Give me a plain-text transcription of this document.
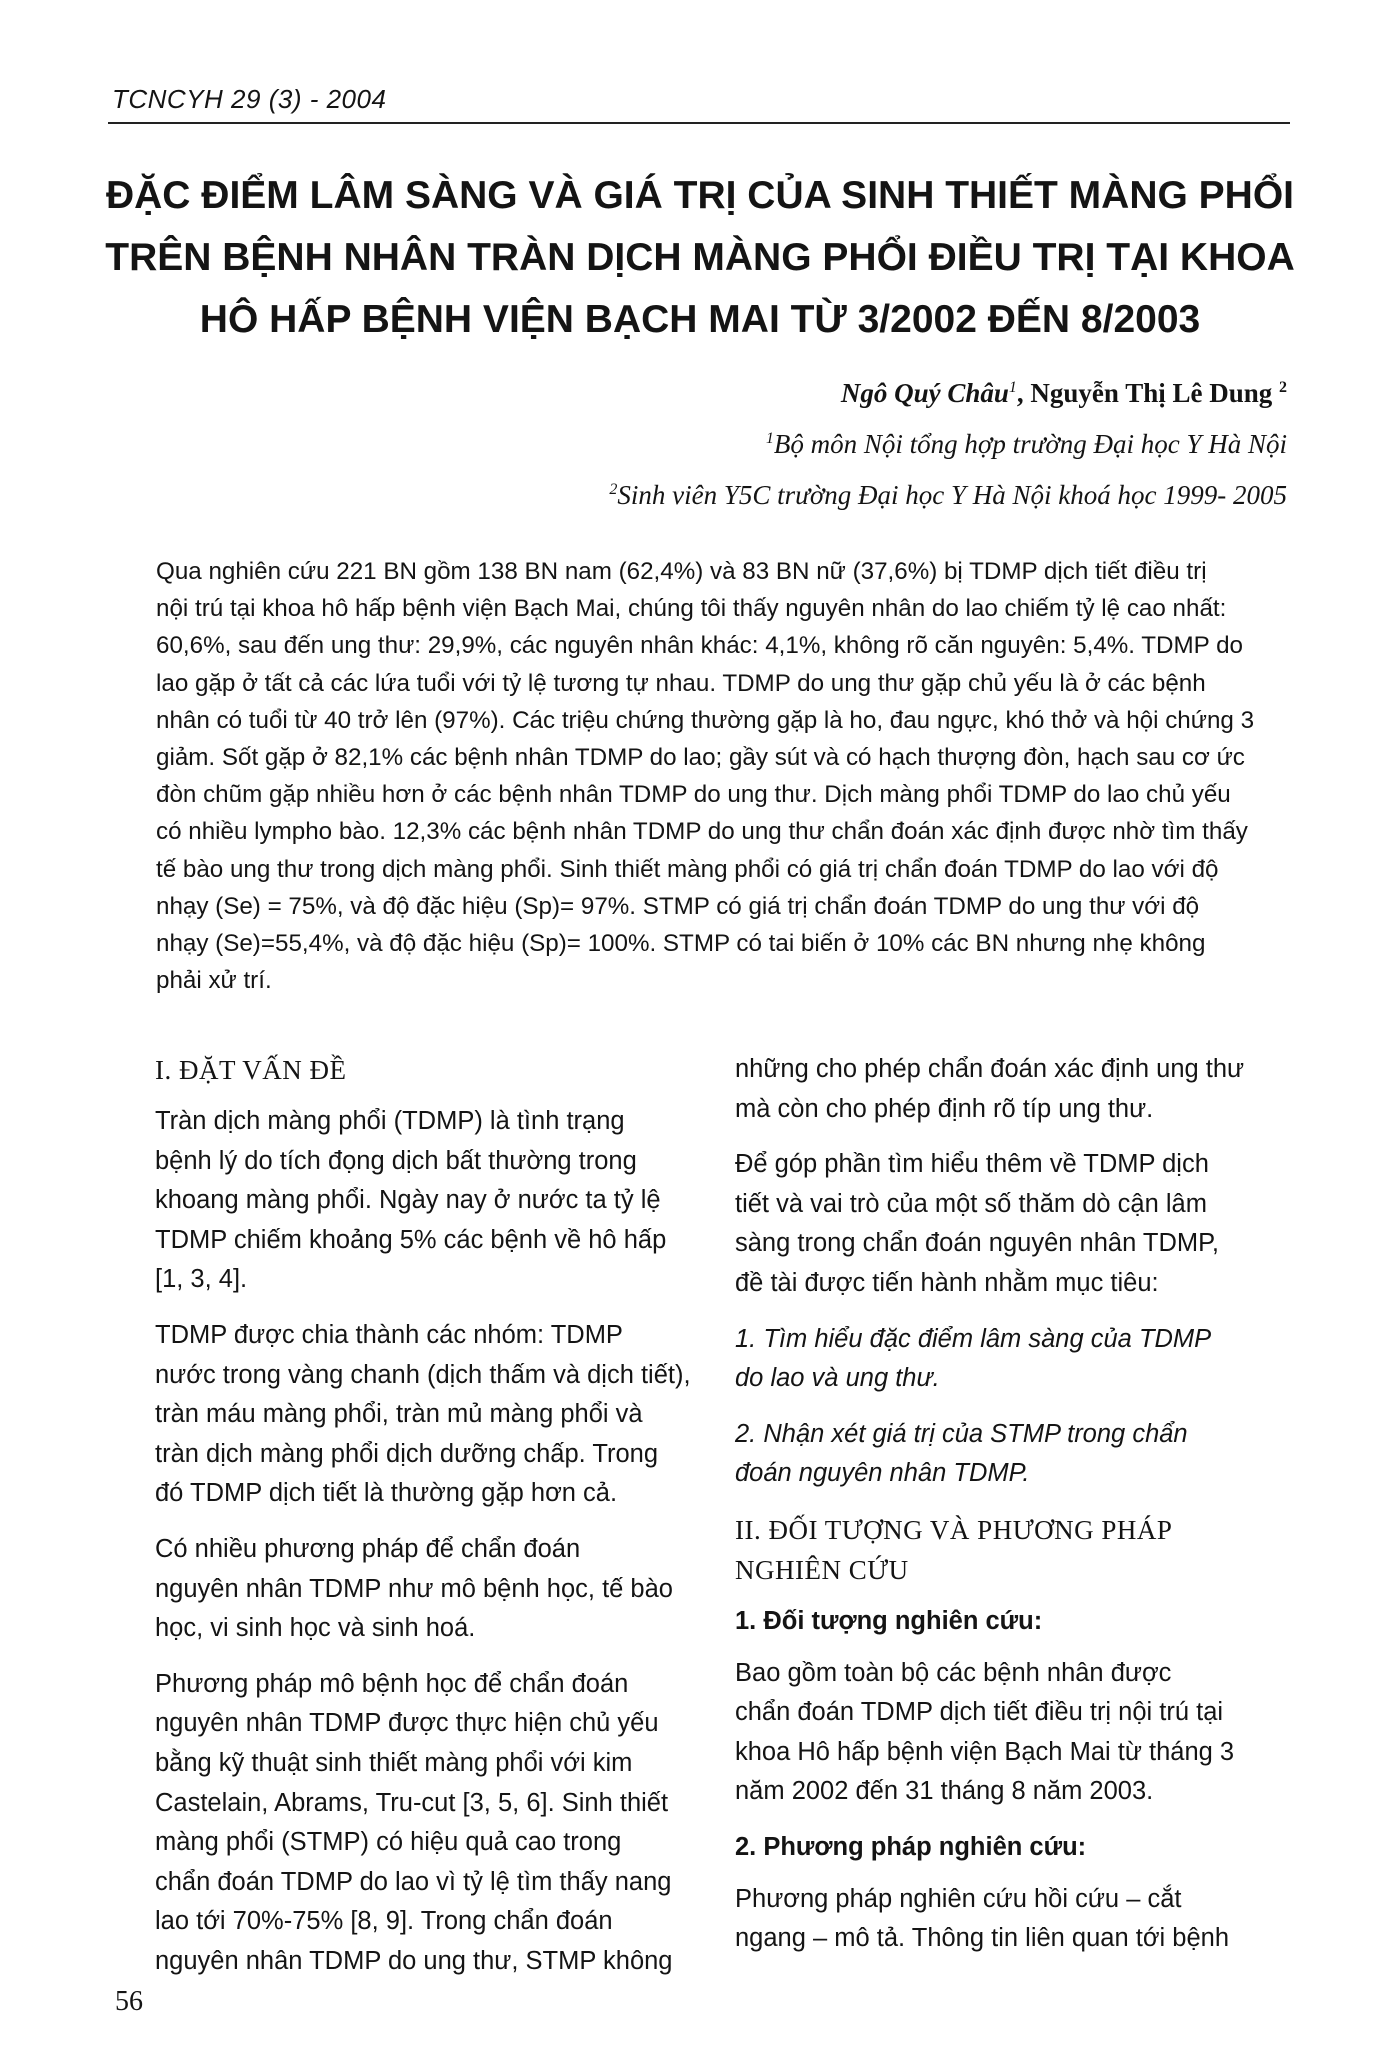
TCNCYH 29 (3) - 2004
ĐẶC ĐIỂM LÂM SÀNG VÀ GIÁ TRỊ CỦA SINH THIẾT MÀNG PHỔI
TRÊN BỆNH NHÂN TRÀN DỊCH MÀNG PHỔI ĐIỀU TRỊ TẠI KHOA
HÔ HẤP BỆNH VIỆN BẠCH MAI TỪ 3/2002 ĐẾN 8/2003
Ngô Quý Châu$^1$, Nguyễn Thị Lê Dung $^2$
$^1$Bộ môn Nội tổng hợp trường Đại học Y Hà Nội
$^2$Sinh viên Y5C trường Đại học Y Hà Nội khoá học 1999- 2005
Qua nghiên cứu 221 BN gồm 138 BN nam (62,4%) và 83 BN nữ (37,6%) bị TDMP dịch tiết điều trị
nội trú tại khoa hô hấp bệnh viện Bạch Mai, chúng tôi thấy nguyên nhân do lao chiếm tỷ lệ cao nhất:
60,6%, sau đến ung thư: 29,9%, các nguyên nhân khác: 4,1%, không rõ căn nguyên: 5,4%. TDMP do
lao gặp ở tất cả các lứa tuổi với tỷ lệ tương tự nhau. TDMP do ung thư gặp chủ yếu là ở các bệnh
nhân có tuổi từ 40 trở lên (97%). Các triệu chứng thường gặp là ho, đau ngực, khó thở và hội chứng 3
giảm. Sốt gặp ở 82,1% các bệnh nhân TDMP do lao; gầy sút và có hạch thượng đòn, hạch sau cơ ức
đòn chũm gặp nhiều hơn ở các bệnh nhân TDMP do ung thư. Dịch màng phổi TDMP do lao chủ yếu
có nhiều lympho bào. 12,3% các bệnh nhân TDMP do ung thư chẩn đoán xác định được nhờ tìm thấy
tế bào ung thư trong dịch màng phổi. Sinh thiết màng phổi có giá trị chẩn đoán TDMP do lao với độ
nhạy (Se) = 75%, và độ đặc hiệu (Sp)= 97%. STMP có giá trị chẩn đoán TDMP do ung thư với độ
nhạy (Se)=55,4%, và độ đặc hiệu (Sp)= 100%. STMP có tai biến ở 10% các BN nhưng nhẹ không
phải xử trí.
I. ĐẶT VẤN ĐỀ
Tràn dịch màng phổi (TDMP) là tình trạng
bệnh lý do tích đọng dịch bất thường trong
khoang màng phổi. Ngày nay ở nước ta tỷ lệ
TDMP chiếm khoảng 5% các bệnh về hô hấp
[1, 3, 4].
TDMP được chia thành các nhóm: TDMP
nước trong vàng chanh (dịch thấm và dịch tiết),
tràn máu màng phổi, tràn mủ màng phổi và
tràn dịch màng phổi dịch dưỡng chấp. Trong
đó TDMP dịch tiết là thường gặp hơn cả.
Có nhiều phương pháp để chẩn đoán
nguyên nhân TDMP như mô bệnh học, tế bào
học, vi sinh học và sinh hoá.
Phương pháp mô bệnh học để chẩn đoán
nguyên nhân TDMP được thực hiện chủ yếu
bằng kỹ thuật sinh thiết màng phổi với kim
Castelain, Abrams, Tru-cut [3, 5, 6]. Sinh thiết
màng phổi (STMP) có hiệu quả cao trong
chẩn đoán TDMP do lao vì tỷ lệ tìm thấy nang
lao tới 70%-75% [8, 9]. Trong chẩn đoán
nguyên nhân TDMP do ung thư, STMP không
những cho phép chẩn đoán xác định ung thư
mà còn cho phép định rõ típ ung thư.
Để góp phần tìm hiểu thêm về TDMP dịch
tiết và vai trò của một số thăm dò cận lâm
sàng trong chẩn đoán nguyên nhân TDMP,
đề tài được tiến hành nhằm mục tiêu:
1. Tìm hiểu đặc điểm lâm sàng của TDMP
do lao và ung thư.
2. Nhận xét giá trị của STMP trong chẩn
đoán nguyên nhân TDMP.
II. ĐỐI TƯỢNG VÀ PHƯƠNG PHÁP
NGHIÊN CỨU
1. Đối tượng nghiên cứu:
Bao gồm toàn bộ các bệnh nhân được
chẩn đoán TDMP dịch tiết điều trị nội trú tại
khoa Hô hấp bệnh viện Bạch Mai từ tháng 3
năm 2002 đến 31 tháng 8 năm 2003.
2. Phương pháp nghiên cứu:
Phương pháp nghiên cứu hồi cứu – cắt
ngang – mô tả. Thông tin liên quan tới bệnh
56
